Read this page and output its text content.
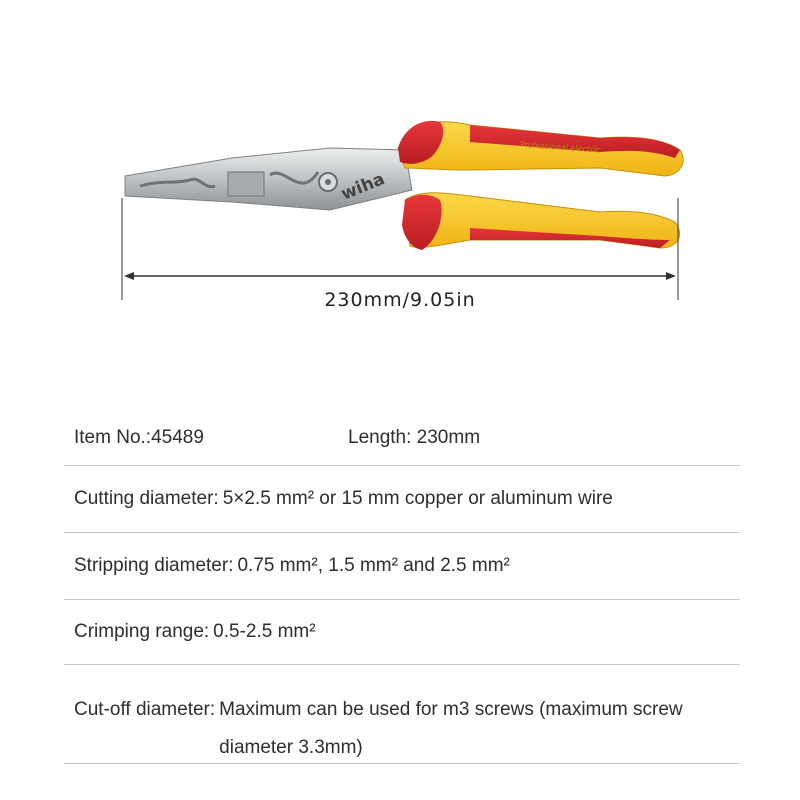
wiha
Professional electric
230mm/9.05in
Item No.:45489	Length: 230mm
Cutting diameter: 5×2.5 mm² or 15 mm copper or aluminum wire
Stripping diameter: 0.75 mm², 1.5 mm² and 2.5 mm²
Crimping range: 0.5-2.5 mm²
Cut-off diameter: Maximum can be used for m3 screws (maximum screw diameter 3.3mm)
